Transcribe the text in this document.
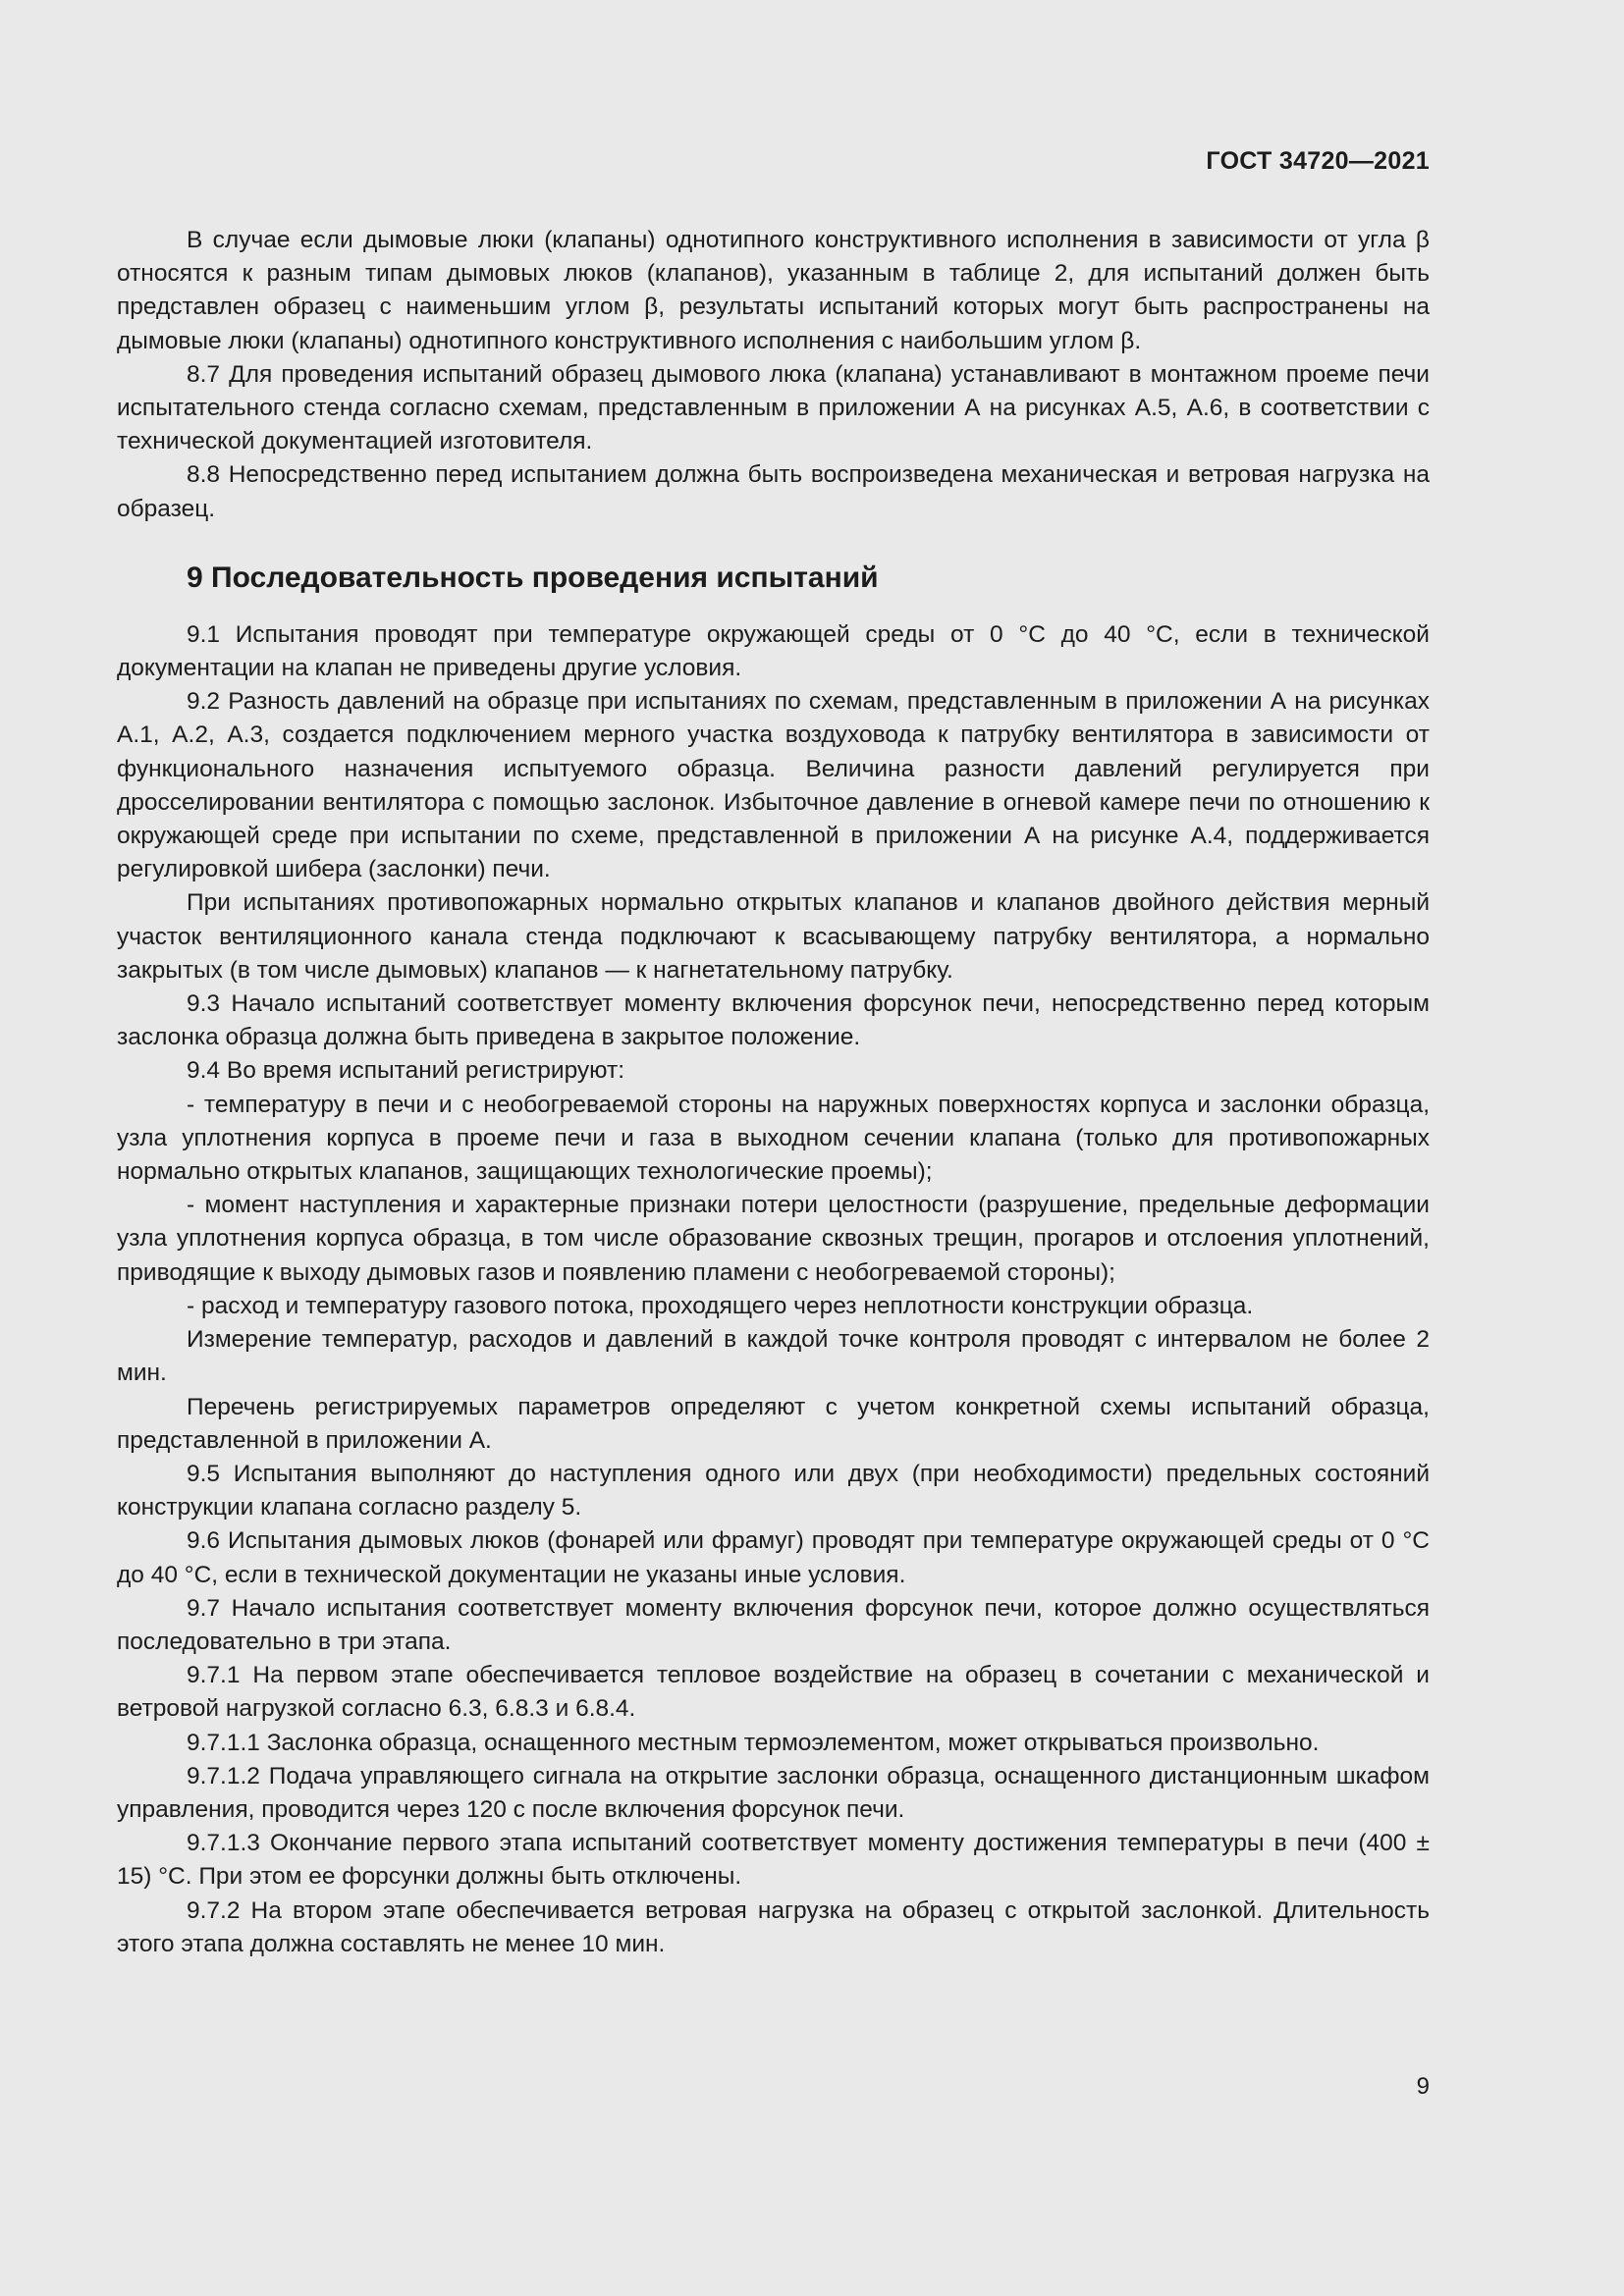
ГОСТ 34720—2021

В случае если дымовые люки (клапаны) однотипного конструктивного исполнения в зависимости от угла β относятся к разным типам дымовых люков (клапанов), указанным в таблице 2, для испытаний должен быть представлен образец с наименьшим углом β, результаты испытаний которых могут быть распространены на дымовые люки (клапаны) однотипного конструктивного исполнения с наибольшим углом β.

8.7 Для проведения испытаний образец дымового люка (клапана) устанавливают в монтажном проеме печи испытательного стенда согласно схемам, представленным в приложении А на рисунках А.5, А.6, в соответствии с технической документацией изготовителя.

8.8 Непосредственно перед испытанием должна быть воспроизведена механическая и ветровая нагрузка на образец.

9 Последовательность проведения испытаний

9.1 Испытания проводят при температуре окружающей среды от 0 °С до 40 °С, если в технической документации на клапан не приведены другие условия.

9.2 Разность давлений на образце при испытаниях по схемам, представленным в приложении А на рисунках А.1, А.2, А.3, создается подключением мерного участка воздуховода к патрубку вентилятора в зависимости от функционального назначения испытуемого образца. Величина разности давлений регулируется при дросселировании вентилятора с помощью заслонок. Избыточное давление в огневой камере печи по отношению к окружающей среде при испытании по схеме, представленной в приложении А на рисунке А.4, поддерживается регулировкой шибера (заслонки) печи.

При испытаниях противопожарных нормально открытых клапанов и клапанов двойного действия мерный участок вентиляционного канала стенда подключают к всасывающему патрубку вентилятора, а нормально закрытых (в том числе дымовых) клапанов — к нагнетательному патрубку.

9.3 Начало испытаний соответствует моменту включения форсунок печи, непосредственно перед которым заслонка образца должна быть приведена в закрытое положение.

9.4 Во время испытаний регистрируют:

- температуру в печи и с необогреваемой стороны на наружных поверхностях корпуса и заслонки образца, узла уплотнения корпуса в проеме печи и газа в выходном сечении клапана (только для противопожарных нормально открытых клапанов, защищающих технологические проемы);

- момент наступления и характерные признаки потери целостности (разрушение, предельные деформации узла уплотнения корпуса образца, в том числе образование сквозных трещин, прогаров и отслоения уплотнений, приводящие к выходу дымовых газов и появлению пламени с необогреваемой стороны);

- расход и температуру газового потока, проходящего через неплотности конструкции образца.

Измерение температур, расходов и давлений в каждой точке контроля проводят с интервалом не более 2 мин.

Перечень регистрируемых параметров определяют с учетом конкретной схемы испытаний образца, представленной в приложении А.

9.5 Испытания выполняют до наступления одного или двух (при необходимости) предельных состояний конструкции клапана согласно разделу 5.

9.6 Испытания дымовых люков (фонарей или фрамуг) проводят при температуре окружающей среды от 0 °С до 40 °С, если в технической документации не указаны иные условия.

9.7 Начало испытания соответствует моменту включения форсунок печи, которое должно осуществляться последовательно в три этапа.

9.7.1 На первом этапе обеспечивается тепловое воздействие на образец в сочетании с механической и ветровой нагрузкой согласно 6.3, 6.8.3 и 6.8.4.

9.7.1.1 Заслонка образца, оснащенного местным термоэлементом, может открываться произвольно.

9.7.1.2 Подача управляющего сигнала на открытие заслонки образца, оснащенного дистанционным шкафом управления, проводится через 120 с после включения форсунок печи.

9.7.1.3 Окончание первого этапа испытаний соответствует моменту достижения температуры в печи (400 ± 15) °С. При этом ее форсунки должны быть отключены.

9.7.2 На втором этапе обеспечивается ветровая нагрузка на образец с открытой заслонкой. Длительность этого этапа должна составлять не менее 10 мин.

9
